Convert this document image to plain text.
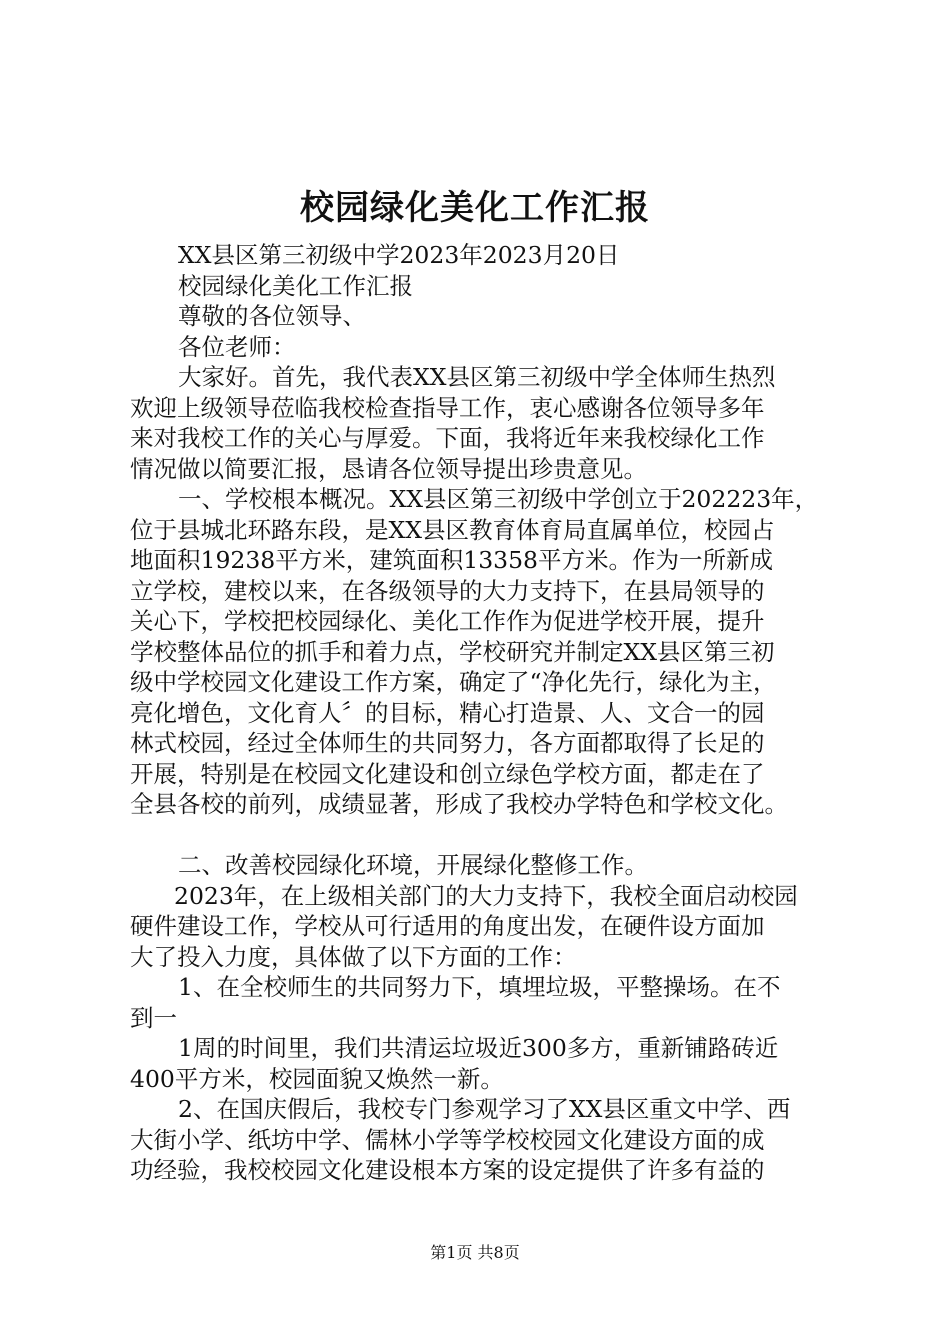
校园绿化美化工作汇报
XX县区第三初级中学2023年2023月20日
校园绿化美化工作汇报
尊敬的各位领导、
各位老师：
大家好。首先，我代表XX县区第三初级中学全体师生热烈
欢迎上级领导莅临我校检查指导工作，衷心感谢各位领导多年
来对我校工作的关心与厚爱。下面，我将近年来我校绿化工作
情况做以简要汇报，恳请各位领导提出珍贵意见。
一、学校根本概况。XX县区第三初级中学创立于202223年，
位于县城北环路东段，是XX县区教育体育局直属单位，校园占
地面积19238平方米，建筑面积13358平方米。作为一所新成
立学校，建校以来，在各级领导的大力支持下，在县局领导的
关心下，学校把校园绿化、美化工作作为促进学校开展，提升
学校整体品位的抓手和着力点，学校研究并制定XX县区第三初
级中学校园文化建设工作方案，确定了“净化先行，绿化为主，
亮化增色，文化育人〞的目标，精心打造景、人、文合一的园
林式校园，经过全体师生的共同努力，各方面都取得了长足的
开展，特别是在校园文化建设和创立绿色学校方面，都走在了
全县各校的前列，成绩显著，形成了我校办学特色和学校文化。
二、改善校园绿化环境，开展绿化整修工作。
2023年，在上级相关部门的大力支持下，我校全面启动校园
硬件建设工作，学校从可行适用的角度出发，在硬件设方面加
大了投入力度，具体做了以下方面的工作：
1、在全校师生的共同努力下，填埋垃圾，平整操场。在不
到一
1周的时间里，我们共清运垃圾近300多方，重新铺路砖近
400平方米，校园面貌又焕然一新。
2、在国庆假后，我校专门参观学习了XX县区重文中学、西
大街小学、纸坊中学、儒林小学等学校校园文化建设方面的成
功经验，我校校园文化建设根本方案的设定提供了许多有益的
第1页 共8页
